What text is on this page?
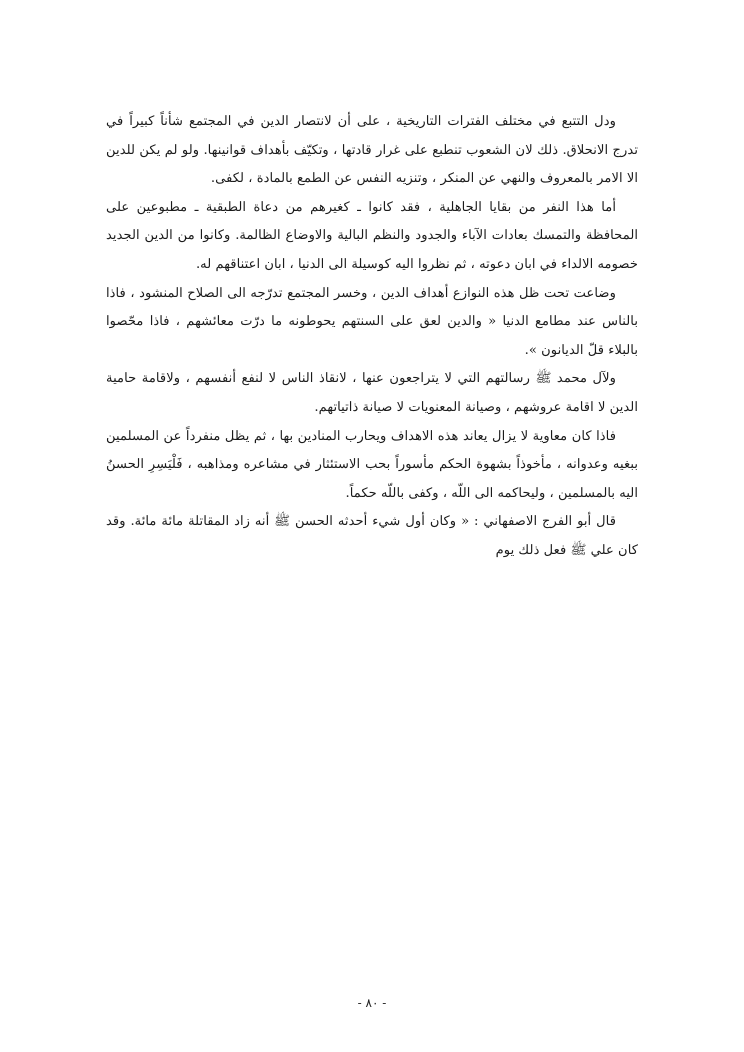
ودل التتبع في مختلف الفترات التاريخية ، على أن لانتصار الدين في المجتمع شأناً كبيراً في تدرج الانحلاق. ذلك لان الشعوب تنطبع على غرار قادتها ، وتكيّف بأهداف قوانينها. ولو لم يكن للدين الا الامر بالمعروف والنهي عن المنكر ، وتنزيه النفس عن الطمع بالمادة ، لكفى.

أما هذا النفر من بقايا الجاهلية ، فقد كانوا ـ كغيرهم من دعاة الطبقية ـ مطبوعين على المحافظة والتمسك بعادات الآباء والجدود والنظم البالية والاوضاع الظالمة. وكانوا من الدين الجديد خصومه الالداء في ابان دعوته ، ثم نظروا اليه كوسيلة الى الدنيا ، ابان اعتناقهم له.

وضاعت تحت ظل هذه النوازع أهداف الدين ، وخسر المجتمع تدرّجه الى الصلاح المنشود ، فاذا بالناس عند مطامع الدنيا « والدين لعق على السنتهم يحوطونه ما درّت معائشهم ، فاذا محّصوا بالبلاء قلّ الديانون ».

ولآل محمد ﷺ رسالتهم التي لا يتراجعون عنها ، لانقاذ الناس لا لنفع أنفسهم ، ولاقامة حامية الدين لا اقامة عروشهم ، وصيانة المعنويات لا صيانة ذاتياتهم.

فاذا كان معاوية لا يزال يعاند هذه الاهداف ويحارب المنادين بها ، ثم يظل منفرداً عن المسلمين ببغيه وعدوانه ، مأخوذاً بشهوة الحكم مأسوراً بحب الاستئثار في مشاعره ومذاهبه ، فَلْيَسِرِ الحسنُ اليه بالمسلمين ، وليحاكمه الى اللّه ، وكفى باللّه حكماً.

قال أبو الفرج الاصفهاني : « وكان أول شيء أحدثه الحسن ﷺ أنه زاد المقاتلة مائة مائة. وقد كان علي ﷺ فعل ذلك يوم

- ٨٠ -
